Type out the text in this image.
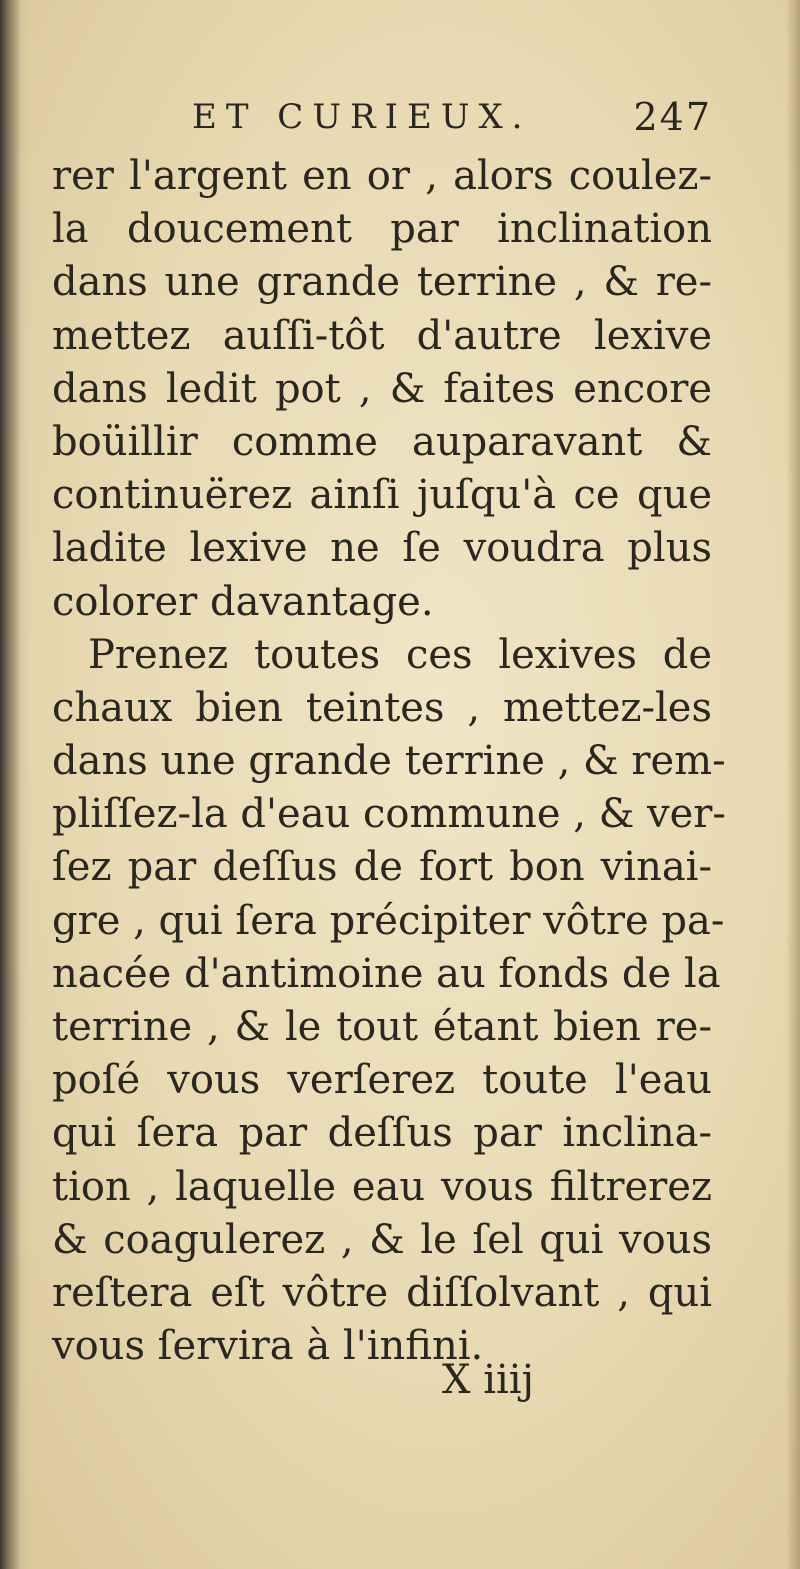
ET CURIEUX.	247
rer l'argent en or , alors coulez-
la doucement par inclination
dans une grande terrine , & re-
mettez auſſi-tôt d'autre lexive
dans ledit pot , & faites encore
boüillir comme auparavant &
continuërez ainſi juſqu'à ce que
ladite lexive ne ſe voudra plus
colorer davantage.
Prenez toutes ces lexives de
chaux bien teintes , mettez-les
dans une grande terrine , & rem-
pliſſez-la d'eau commune , & ver-
ſez par deſſus de fort bon vinai-
gre , qui ſera précipiter vôtre pa-
nacée d'antimoine au fonds de la
terrine , & le tout étant bien re-
poſé vous verſerez toute l'eau
qui ſera par deſſus par inclina-
tion , laquelle eau vous filtrerez
& coagulerez , & le ſel qui vous
reſtera eſt vôtre diſſolvant , qui
vous ſervira à l'infini.
X iiij
